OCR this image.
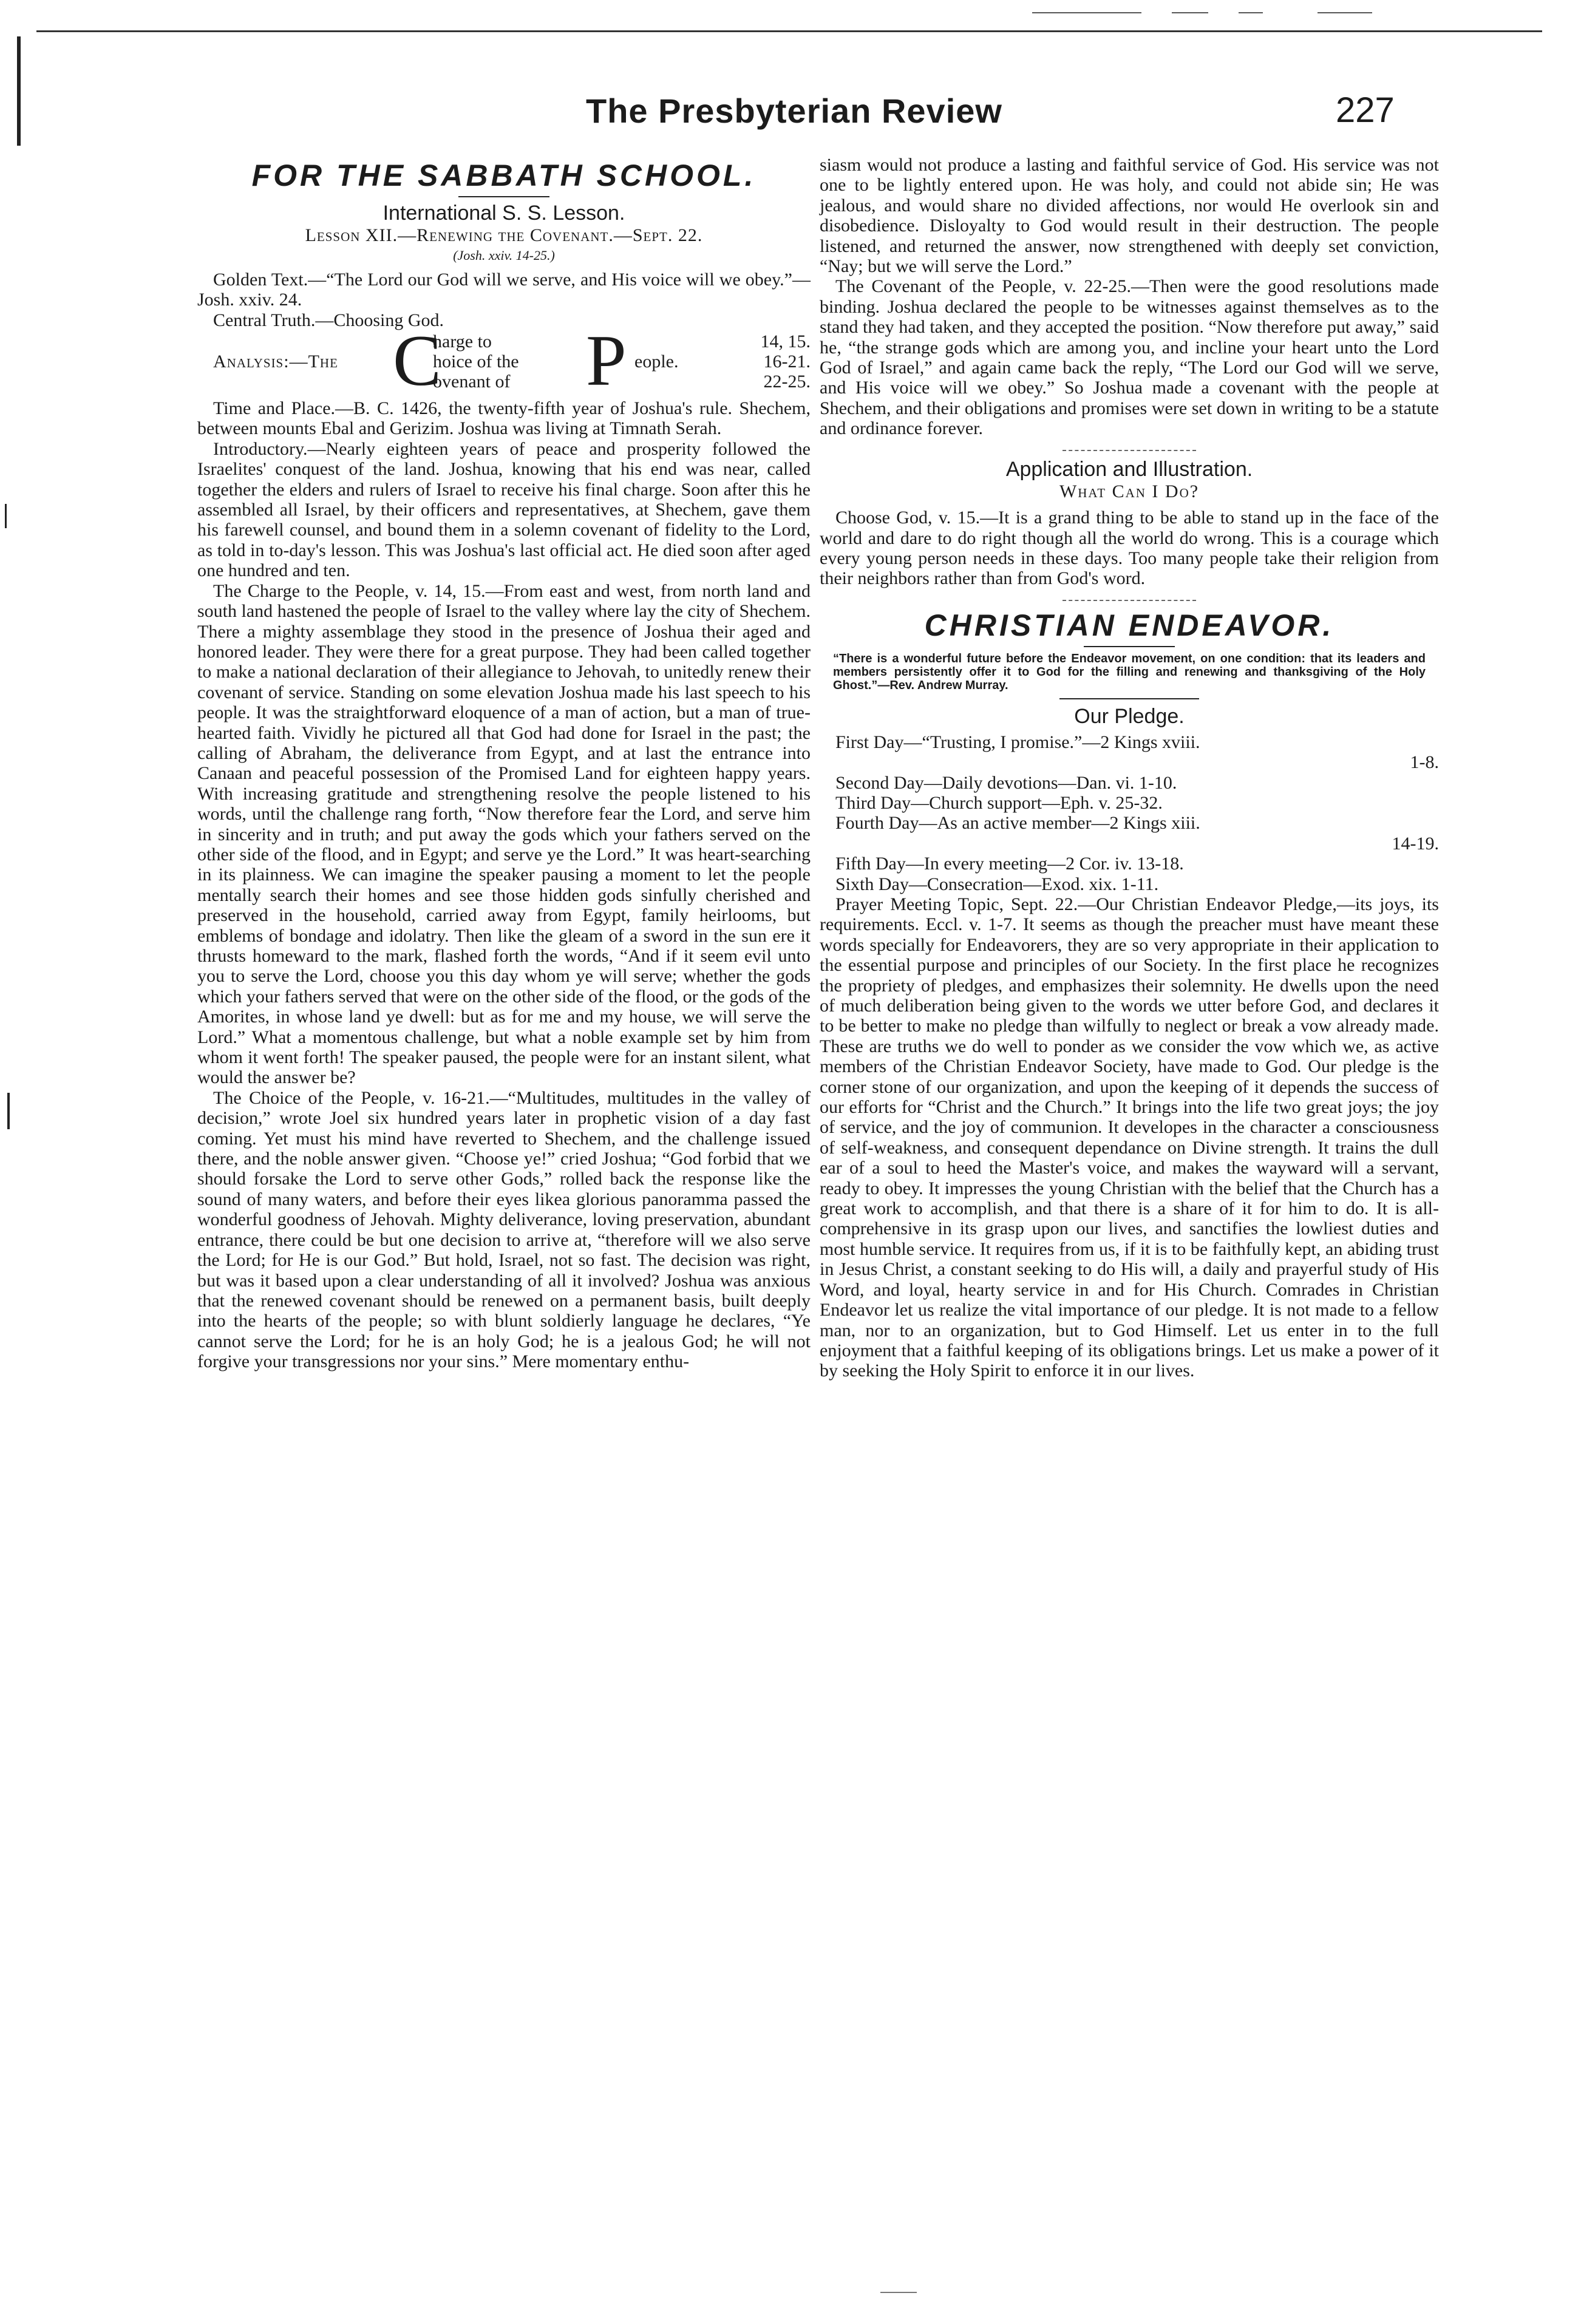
The Presbyterian Review	227
FOR THE SABBATH SCHOOL.
International S. S. Lesson.

Lesson XII.—Renewing the Covenant.—Sept. 22.

(Josh. xxiv. 14-25.)

Golden Text.—“The Lord our God will we serve, and His voice will we obey.”—Josh. xxiv. 24.

Central Truth.—Choosing God.

Analysis:—The C
harge to
hoice of the P eople.
ovenant of
14, 15.
16-21.
22-25.

Time and Place.—B. C. 1426, the twenty-fifth year of Joshua's rule. Shechem, between mounts Ebal and Gerizim. Joshua was living at Timnath Serah.

Introductory.—Nearly eighteen years of peace and prosperity followed the Israelites' conquest of the land. Joshua, knowing that his end was near, called together the elders and rulers of Israel to receive his final charge. Soon after this he assembled all Israel, by their officers and representatives, at Shechem, gave them his farewell counsel, and bound them in a solemn covenant of fidelity to the Lord, as told in to-day's lesson. This was Joshua's last official act. He died soon after aged one hundred and ten.

The Charge to the People, v. 14, 15.—From east and west, from north land and south land hastened the people of Israel to the valley where lay the city of Shechem. There a mighty assemblage they stood in the presence of Joshua their aged and honored leader. They were there for a great purpose. They had been called together to make a national declaration of their allegiance to Jehovah, to unitedly renew their covenant of service. Standing on some elevation Joshua made his last speech to his people. It was the straightforward eloquence of a man of action, but a man of true-hearted faith. Vividly he pictured all that God had done for Israel in the past; the calling of Abraham, the deliverance from Egypt, and at last the entrance into Canaan and peaceful possession of the Promised Land for eighteen happy years. With increasing gratitude and strengthening resolve the people listened to his words, until the challenge rang forth, “Now therefore fear the Lord, and serve him in sincerity and in truth; and put away the gods which your fathers served on the other side of the flood, and in Egypt; and serve ye the Lord.” It was heart-searching in its plainness. We can imagine the speaker pausing a moment to let the people mentally search their homes and see those hidden gods sinfully cherished and preserved in the household, carried away from Egypt, family heirlooms, but emblems of bondage and idolatry. Then like the gleam of a sword in the sun ere it thrusts homeward to the mark, flashed forth the words, “And if it seem evil unto you to serve the Lord, choose you this day whom ye will serve; whether the gods which your fathers served that were on the other side of the flood, or the gods of the Amorites, in whose land ye dwell: but as for me and my house, we will serve the Lord.” What a momentous challenge, but what a noble example set by him from whom it went forth! The speaker paused, the people were for an instant silent, what would the answer be?

The Choice of the People, v. 16-21.—“Multitudes, multitudes in the valley of decision,” wrote Joel six hundred years later in prophetic vision of a day fast coming. Yet must his mind have reverted to Shechem, and the challenge issued there, and the noble answer given. “Choose ye!” cried Joshua; “God forbid that we should forsake the Lord to serve other Gods,” rolled back the response like the sound of many waters, and before their eyes likea glorious panoramma passed the wonderful goodness of Jehovah. Mighty deliverance, loving preservation, abundant entrance, there could be but one decision to arrive at, “therefore will we also serve the Lord; for He is our God.” But hold, Israel, not so fast. The decision was right, but was it based upon a clear understanding of all it involved? Joshua was anxious that the renewed covenant should be renewed on a permanent basis, built deeply into the hearts of the people; so with blunt soldierly language he declares, “Ye cannot serve the Lord; for he is an holy God; he is a jealous God; he will not forgive your transgressions nor your sins.” Mere momentary enthu-

siasm would not produce a lasting and faithful service of God. His service was not one to be lightly entered upon. He was holy, and could not abide sin; He was jealous, and would share no divided affections, nor would He overlook sin and disobedience. Disloyalty to God would result in their destruction. The people listened, and returned the answer, now strengthened with deeply set conviction, “Nay; but we will serve the Lord.”

The Covenant of the People, v. 22-25.—Then were the good resolutions made binding. Joshua declared the people to be witnesses against themselves as to the stand they had taken, and they accepted the position. “Now therefore put away,” said he, “the strange gods which are among you, and incline your heart unto the Lord God of Israel,” and again came back the reply, “The Lord our God will we serve, and His voice will we obey.” So Joshua made a covenant with the people at Shechem, and their obligations and promises were set down in writing to be a statute and ordinance forever.

Application and Illustration.
What Can I Do?

Choose God, v. 15.—It is a grand thing to be able to stand up in the face of the world and dare to do right though all the world do wrong. This is a courage which every young person needs in these days. Too many people take their religion from their neighbors rather than from God's word.

CHRISTIAN ENDEAVOR.
“There is a wonderful future before the Endeavor movement, on one condition: that its leaders and members persistently offer it to God for the filling and renewing and thanksgiving of the Holy Ghost.”—Rev. Andrew Murray.
Our Pledge.

First Day—“Trusting, I promise.”—2 Kings xviii.

1-8.

Second Day—Daily devotions—Dan. vi. 1-10.

Third Day—Church support—Eph. v. 25-32.

Fourth Day—As an active member—2 Kings xiii.

14-19.

Fifth Day—In every meeting—2 Cor. iv. 13-18.

Sixth Day—Consecration—Exod. xix. 1-11.

Prayer Meeting Topic, Sept. 22.—Our Christian Endeavor Pledge,—its joys, its requirements. Eccl. v. 1-7. It seems as though the preacher must have meant these words specially for Endeavorers, they are so very appropriate in their application to the essential purpose and principles of our Society. In the first place he recognizes the propriety of pledges, and emphasizes their solemnity. He dwells upon the need of much deliberation being given to the words we utter before God, and declares it to be better to make no pledge than wilfully to neglect or break a vow already made. These are truths we do well to ponder as we consider the vow which we, as active members of the Christian Endeavor Society, have made to God. Our pledge is the corner stone of our organization, and upon the keeping of it depends the success of our efforts for “Christ and the Church.” It brings into the life two great joys; the joy of service, and the joy of communion. It developes in the character a consciousness of self-weakness, and consequent dependance on Divine strength. It trains the dull ear of a soul to heed the Master's voice, and makes the wayward will a servant, ready to obey. It impresses the young Christian with the belief that the Church has a great work to accomplish, and that there is a share of it for him to do. It is all-comprehensive in its grasp upon our lives, and sanctifies the lowliest duties and most humble service. It requires from us, if it is to be faithfully kept, an abiding trust in Jesus Christ, a constant seeking to do His will, a daily and prayerful study of His Word, and loyal, hearty service in and for His Church. Comrades in Christian Endeavor let us realize the vital importance of our pledge. It is not made to a fellow man, nor to an organization, but to God Himself. Let us enter in to the full enjoyment that a faithful keeping of its obligations brings. Let us make a power of it by seeking the Holy Spirit to enforce it in our lives.
